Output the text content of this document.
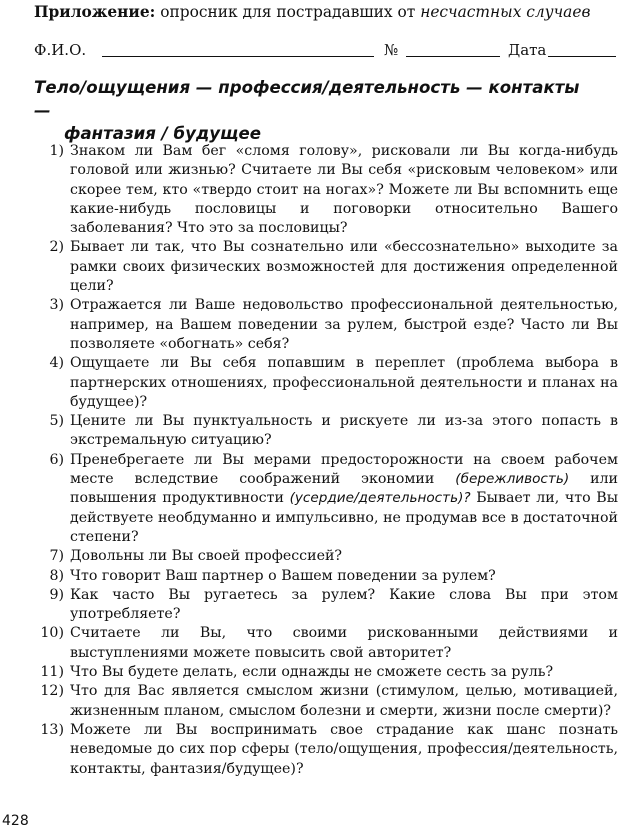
Приложение: опросник для пострадавших от несчастных случаев
Ф.И.О.	№	Дата
Тело/ощущения — профессия/деятельность — контакты —
фантазия / будущее
1) Знаком ли Вам бег «сломя голову», рисковали ли Вы когда-нибудь головой или жизнью? Считаете ли Вы себя «рисковым человеком» или скорее тем, кто «твердо стоит на ногах»? Можете ли Вы вспомнить еще какие-нибудь пословицы и поговорки относительно Вашего заболевания? Что это за пословицы?
2) Бывает ли так, что Вы сознательно или «бессознательно» выходите за рамки своих физических возможностей для достижения определенной цели?
3) Отражается ли Ваше недовольство профессиональной деятельностью, например, на Вашем поведении за рулем, быстрой езде? Часто ли Вы позволяете «обогнать» себя?
4) Ощущаете ли Вы себя попавшим в переплет (проблема выбора в партнерских отношениях, профессиональной деятельности и планах на будущее)?
5) Цените ли Вы пунктуальность и рискуете ли из-за этого попасть в экстремальную ситуацию?
6) Пренебрегаете ли Вы мерами предосторожности на своем рабочем месте вследствие соображений экономии (бережливость) или повышения продуктивности (усердие/деятельность)? Бывает ли, что Вы действуете необдуманно и импульсивно, не продумав все в достаточной степени?
7) Довольны ли Вы своей профессией?
8) Что говорит Ваш партнер о Вашем поведении за рулем?
9) Как часто Вы ругаетесь за рулем? Какие слова Вы при этом употребляете?
10) Считаете ли Вы, что своими рискованными действиями и выступлениями можете повысить свой авторитет?
11) Что Вы будете делать, если однажды не сможете сесть за руль?
12) Что для Вас является смыслом жизни (стимулом, целью, мотивацией, жизненным планом, смыслом болезни и смерти, жизни после смерти)?
13) Можете ли Вы воспринимать свое страдание как шанс познать неведомые до сих пор сферы (тело/ощущения, профессия/деятельность, контакты, фантазия/будущее)?
428
